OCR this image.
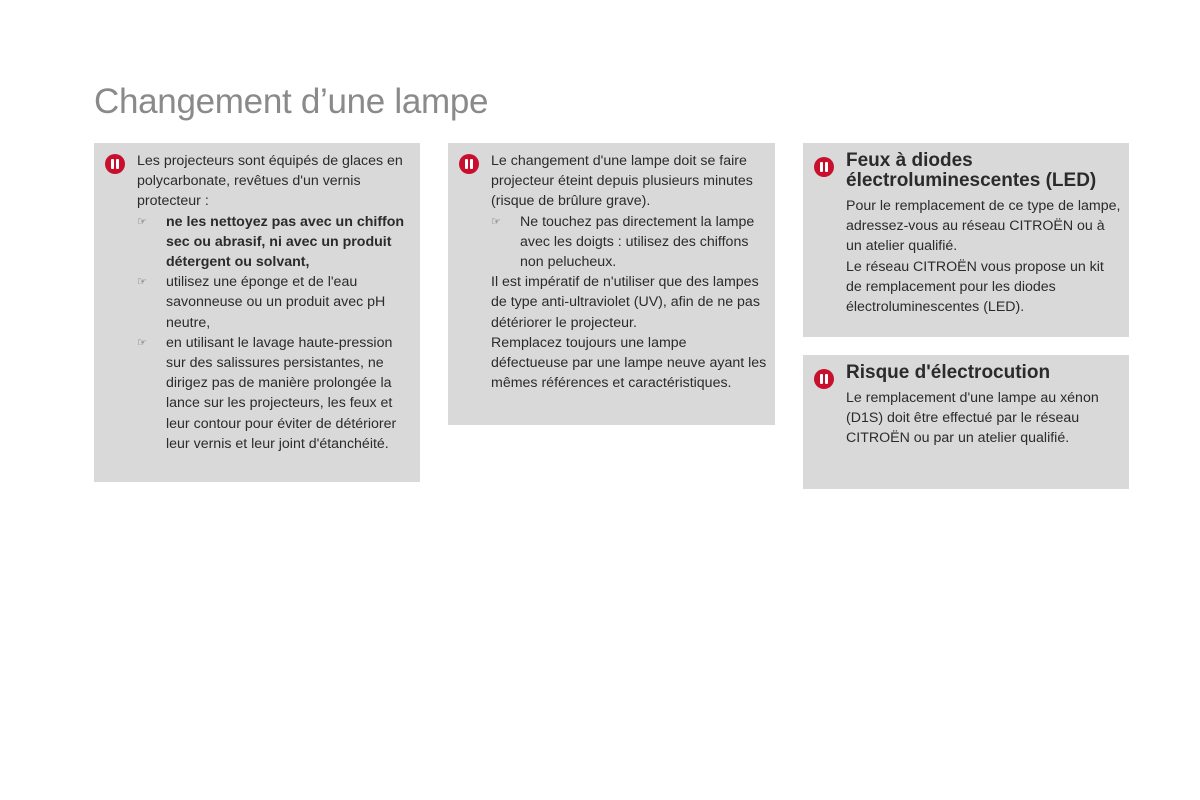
Changement d’une lampe

Les projecteurs sont équipés de glaces en polycarbonate, revêtues d'un vernis protecteur :

☞ ne les nettoyez pas avec un chiffon sec ou abrasif, ni avec un produit détergent ou solvant,
☞ utilisez une éponge et de l'eau savonneuse ou un produit avec pH neutre,
☞ en utilisant le lavage haute-pression sur des salissures persistantes, ne dirigez pas de manière prolongée la lance sur les projecteurs, les feux et leur contour pour éviter de détériorer leur vernis et leur joint d'étanchéité.

Le changement d'une lampe doit se faire projecteur éteint depuis plusieurs minutes (risque de brûlure grave).

☞ Ne touchez pas directement la lampe avec les doigts : utilisez des chiffons non pelucheux.

Il est impératif de n'utiliser que des lampes de type anti-ultraviolet (UV), afin de ne pas détériorer le projecteur.

Remplacez toujours une lampe défectueuse par une lampe neuve ayant les mêmes références et caractéristiques.

Feux à diodes électroluminescentes (LED)

Pour le remplacement de ce type de lampe, adressez-vous au réseau CITROËN ou à un atelier qualifié.

Le réseau CITROËN vous propose un kit de remplacement pour les diodes électroluminescentes (LED).

Risque d'électrocution

Le remplacement d'une lampe au xénon (D1S) doit être effectué par le réseau CITROËN ou par un atelier qualifié.
